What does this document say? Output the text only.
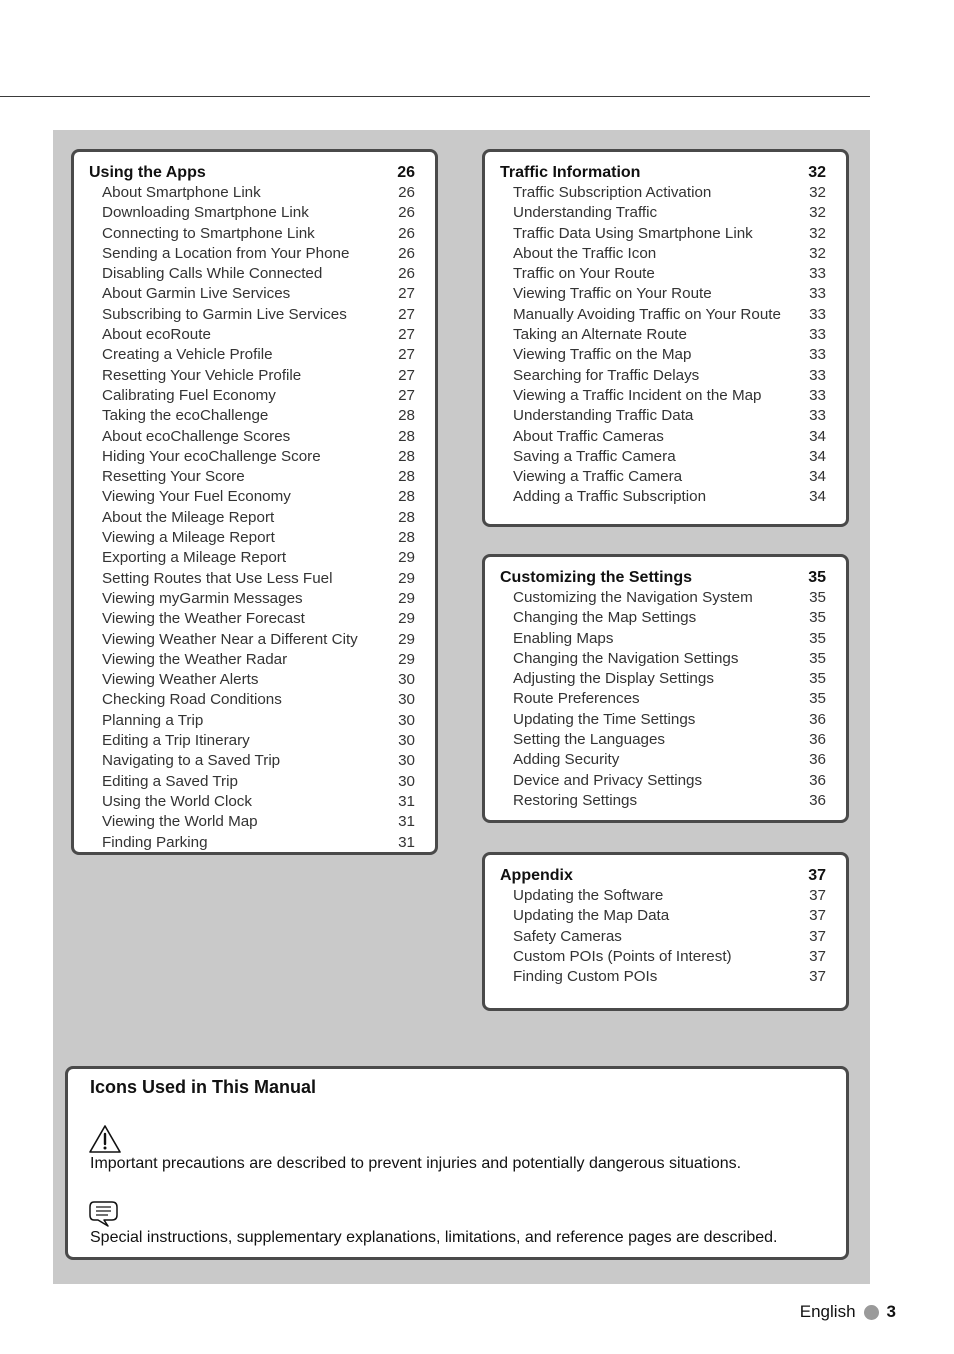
Using the Apps	26
About Smartphone Link	26
Downloading Smartphone Link	26
Connecting to Smartphone Link	26
Sending a Location from Your Phone	26
Disabling Calls While Connected	26
About Garmin Live Services	27
Subscribing to Garmin Live Services	27
About ecoRoute	27
Creating a Vehicle Profile	27
Resetting Your Vehicle Profile	27
Calibrating Fuel Economy	27
Taking the ecoChallenge	28
About ecoChallenge Scores	28
Hiding Your ecoChallenge Score	28
Resetting Your Score	28
Viewing Your Fuel Economy	28
About the Mileage Report	28
Viewing a Mileage Report	28
Exporting a Mileage Report	29
Setting Routes that Use Less Fuel	29
Viewing myGarmin Messages	29
Viewing the Weather Forecast	29
Viewing Weather Near a Different City	29
Viewing the Weather Radar	29
Viewing Weather Alerts	30
Checking Road Conditions	30
Planning a Trip	30
Editing a Trip Itinerary	30
Navigating to a Saved Trip	30
Editing a Saved Trip	30
Using the World Clock	31
Viewing the World Map	31
Finding Parking	31
Traffic Information	32
Traffic Subscription Activation	32
Understanding Traffic	32
Traffic Data Using Smartphone Link	32
About the Traffic Icon	32
Traffic on Your Route	33
Viewing Traffic on Your Route	33
Manually Avoiding Traffic on Your Route	33
Taking an Alternate Route	33
Viewing Traffic on the Map	33
Searching for Traffic Delays	33
Viewing a Traffic Incident on the Map	33
Understanding Traffic Data	33
About Traffic Cameras	34
Saving a Traffic Camera	34
Viewing a Traffic Camera	34
Adding a Traffic Subscription	34
Customizing the Settings	35
Customizing the Navigation System	35
Changing the Map Settings	35
Enabling Maps	35
Changing the Navigation Settings	35
Adjusting the Display Settings	35
Route Preferences	35
Updating the Time Settings	36
Setting the Languages	36
Adding Security	36
Device and Privacy Settings	36
Restoring Settings	36
Appendix	37
Updating the Software	37
Updating the Map Data	37
Safety Cameras	37
Custom POIs (Points of Interest)	37
Finding Custom POIs	37
Icons Used in This Manual
Important precautions are described to prevent injuries and potentially dangerous situations.
Special instructions, supplementary explanations, limitations, and reference pages are described.
English 3
